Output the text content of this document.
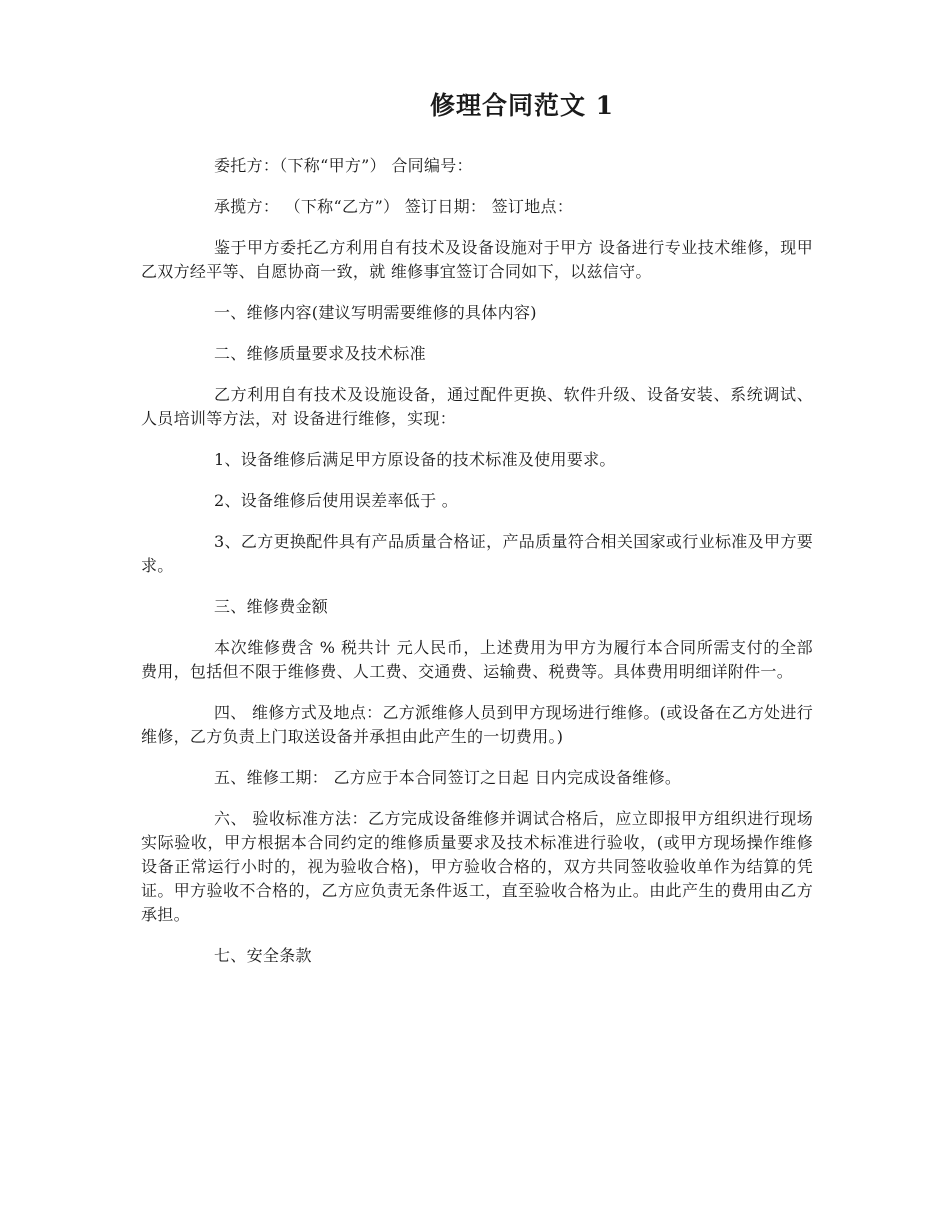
修理合同范文 1

委托方：（下称“甲方”） 合同编号：

承揽方： （下称“乙方”） 签订日期： 签订地点：

鉴于甲方委托乙方利用自有技术及设备设施对于甲方 设备进行专业技术维修，现甲乙双方经平等、自愿协商一致，就 维修事宜签订合同如下，以兹信守。

一、维修内容(建议写明需要维修的具体内容)

二、维修质量要求及技术标准

乙方利用自有技术及设施设备，通过配件更换、软件升级、设备安装、系统调试、人员培训等方法，对 设备进行维修，实现：

1、设备维修后满足甲方原设备的技术标准及使用要求。

2、设备维修后使用误差率低于 。

3、乙方更换配件具有产品质量合格证，产品质量符合相关国家或行业标准及甲方要求。

三、维修费金额

本次维修费含 % 税共计 元人民币，上述费用为甲方为履行本合同所需支付的全部费用，包括但不限于维修费、人工费、交通费、运输费、税费等。具体费用明细详附件一。

四、 维修方式及地点：乙方派维修人员到甲方现场进行维修。(或设备在乙方处进行维修，乙方负责上门取送设备并承担由此产生的一切费用。)

五、维修工期： 乙方应于本合同签订之日起 日内完成设备维修。

六、 验收标准方法：乙方完成设备维修并调试合格后，应立即报甲方组织进行现场实际验收，甲方根据本合同约定的维修质量要求及技术标准进行验收，(或甲方现场操作维修设备正常运行小时的，视为验收合格)，甲方验收合格的，双方共同签收验收单作为结算的凭证。甲方验收不合格的，乙方应负责无条件返工，直至验收合格为止。由此产生的费用由乙方承担。

七、安全条款
